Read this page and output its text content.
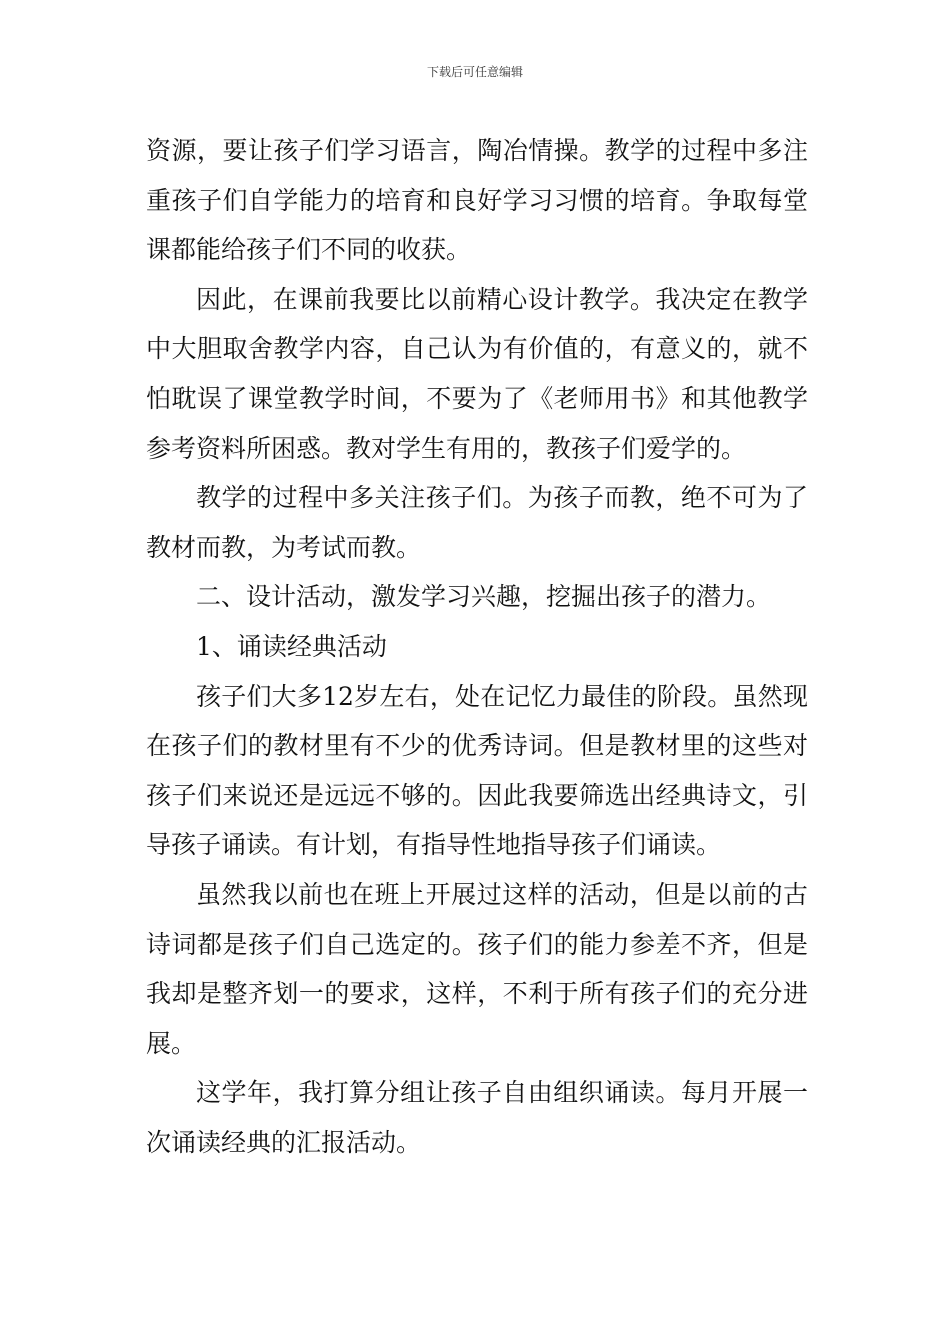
下载后可任意编辑

资源，要让孩子们学习语言，陶冶情操。教学的过程中多注重孩子们自学能力的培育和良好学习习惯的培育。争取每堂课都能给孩子们不同的收获。

因此，在课前我要比以前精心设计教学。我决定在教学中大胆取舍教学内容，自己认为有价值的，有意义的，就不怕耽误了课堂教学时间，不要为了《老师用书》和其他教学参考资料所困惑。教对学生有用的，教孩子们爱学的。

教学的过程中多关注孩子们。为孩子而教，绝不可为了教材而教，为考试而教。

二、设计活动，激发学习兴趣，挖掘出孩子的潜力。

1、诵读经典活动

孩子们大多12岁左右，处在记忆力最佳的阶段。虽然现在孩子们的教材里有不少的优秀诗词。但是教材里的这些对孩子们来说还是远远不够的。因此我要筛选出经典诗文，引导孩子诵读。有计划，有指导性地指导孩子们诵读。

虽然我以前也在班上开展过这样的活动，但是以前的古诗词都是孩子们自己选定的。孩子们的能力参差不齐，但是我却是整齐划一的要求，这样，不利于所有孩子们的充分进展。

这学年，我打算分组让孩子自由组织诵读。每月开展一次诵读经典的汇报活动。
